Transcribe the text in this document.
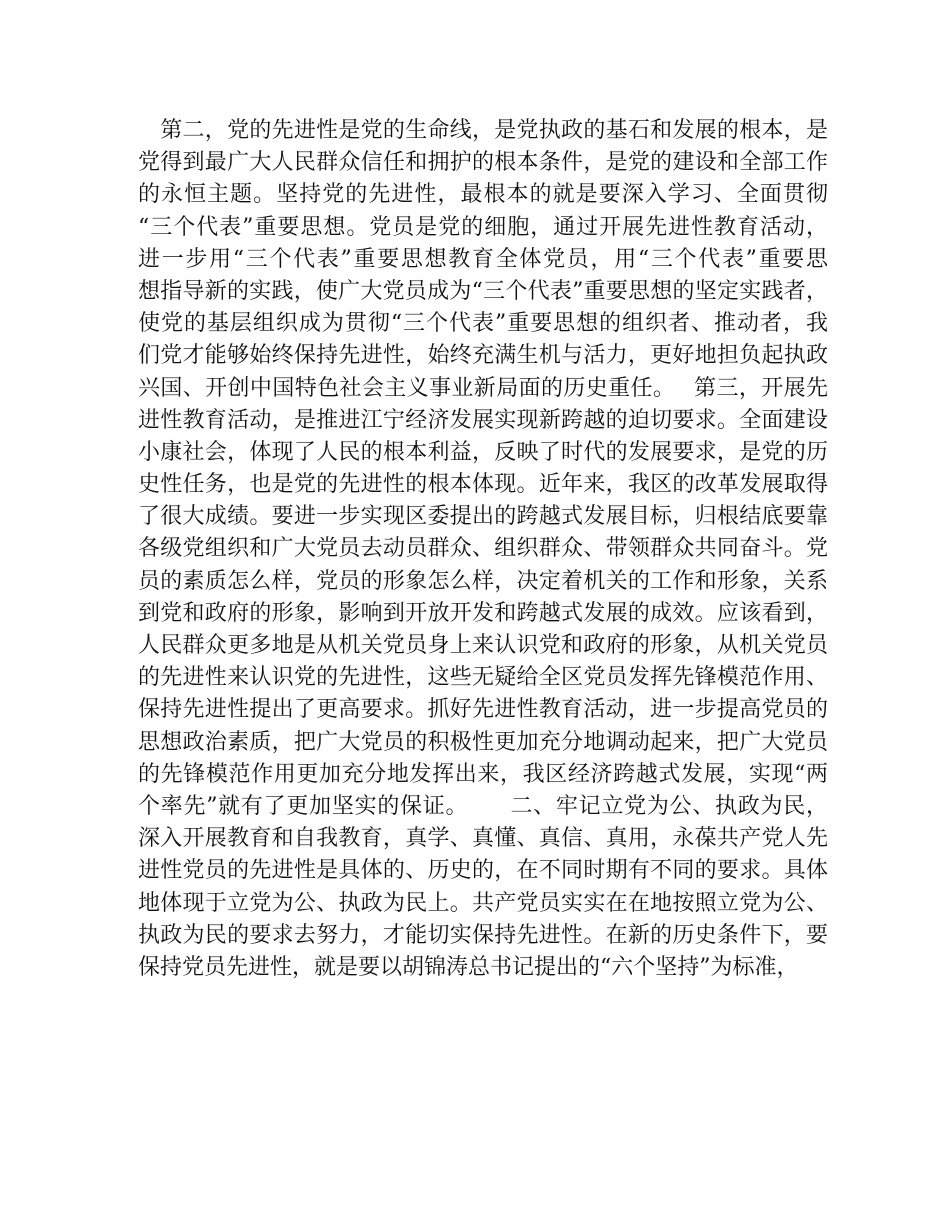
　第二，党的先进性是党的生命线，是党执政的基石和发展的根本，是
党得到最广大人民群众信任和拥护的根本条件，是党的建设和全部工作
的永恒主题。坚持党的先进性，最根本的就是要深入学习、全面贯彻
“三个代表”重要思想。党员是党的细胞，通过开展先进性教育活动，
进一步用“三个代表”重要思想教育全体党员，用“三个代表”重要思
想指导新的实践，使广大党员成为“三个代表”重要思想的坚定实践者，
使党的基层组织成为贯彻“三个代表”重要思想的组织者、推动者，我
们党才能够始终保持先进性，始终充满生机与活力，更好地担负起执政
兴国、开创中国特色社会主义事业新局面的历史重任。　 第三，开展先
进性教育活动，是推进江宁经济发展实现新跨越的迫切要求。全面建设
小康社会，体现了人民的根本利益，反映了时代的发展要求，是党的历
史性任务，也是党的先进性的根本体现。近年来，我区的改革发展取得
了很大成绩。要进一步实现区委提出的跨越式发展目标，归根结底要靠
各级党组织和广大党员去动员群众、组织群众、带领群众共同奋斗。党
员的素质怎么样，党员的形象怎么样，决定着机关的工作和形象，关系
到党和政府的形象，影响到开放开发和跨越式发展的成效。应该看到，
人民群众更多地是从机关党员身上来认识党和政府的形象，从机关党员
的先进性来认识党的先进性，这些无疑给全区党员发挥先锋模范作用、
保持先进性提出了更高要求。抓好先进性教育活动，进一步提高党员的
思想政治素质，把广大党员的积极性更加充分地调动起来，把广大党员
的先锋模范作用更加充分地发挥出来，我区经济跨越式发展，实现“两
个率先”就有了更加坚实的保证。　　 二、牢记立党为公、执政为民，
深入开展教育和自我教育，真学、真懂、真信、真用，永葆共产党人先
进性党员的先进性是具体的、历史的，在不同时期有不同的要求。具体
地体现于立党为公、执政为民上。共产党员实实在在地按照立党为公、
执政为民的要求去努力，才能切实保持先进性。在新的历史条件下，要
保持党员先进性，就是要以胡锦涛总书记提出的“六个坚持”为标准，
